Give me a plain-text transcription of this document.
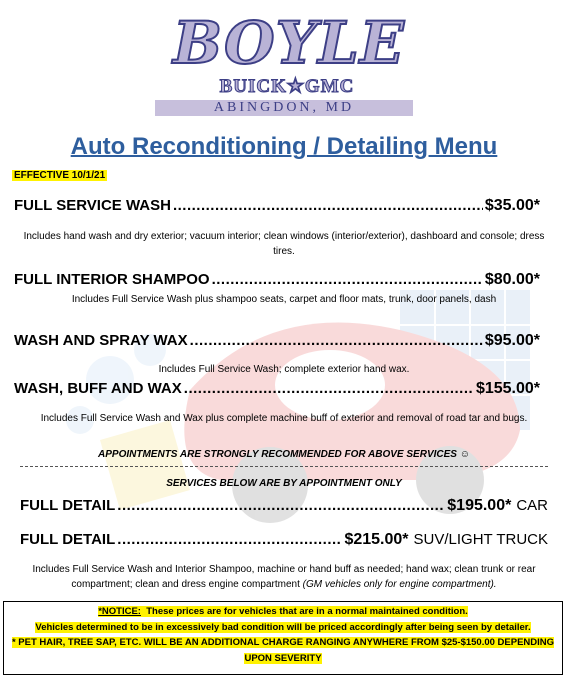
BOYLE
BUICK★GMC
ABINGDON, MD
Auto Reconditioning / Detailing Menu
EFFECTIVE 10/1/21
FULL SERVICE WASH .....	$35.00*
Includes hand wash and dry exterior; vacuum interior; clean windows (interior/exterior), dashboard and console; dress tires.
FULL INTERIOR SHAMPOO .....	$80.00*
Includes Full Service Wash plus shampoo seats, carpet and floor mats, trunk, door panels, dash
WASH AND SPRAY WAX .....	$95.00*
Includes Full Service Wash; complete exterior hand wax.
WASH, BUFF AND WAX .....	$155.00*
Includes Full Service Wash and Wax plus complete machine buff of exterior and removal of road tar and bugs.
APPOINTMENTS ARE STRONGLY RECOMMENDED FOR ABOVE SERVICES ☺
SERVICES BELOW ARE BY APPOINTMENT ONLY
FULL DETAIL .....	$195.00* CAR
FULL DETAIL .....	$215.00* SUV/LIGHT TRUCK
Includes Full Service Wash and Interior Shampoo, machine or hand buff as needed; hand wax; clean trunk or rear compartment; clean and dress engine compartment (GM vehicles only for engine compartment).
*NOTICE: These prices are for vehicles that are in a normal maintained condition.
Vehicles determined to be in excessively bad condition will be priced accordingly after being seen by detailer.
* PET HAIR, TREE SAP, ETC. WILL BE AN ADDITIONAL CHARGE RANGING ANYWHERE FROM $25-$150.00 DEPENDING
UPON SEVERITY
